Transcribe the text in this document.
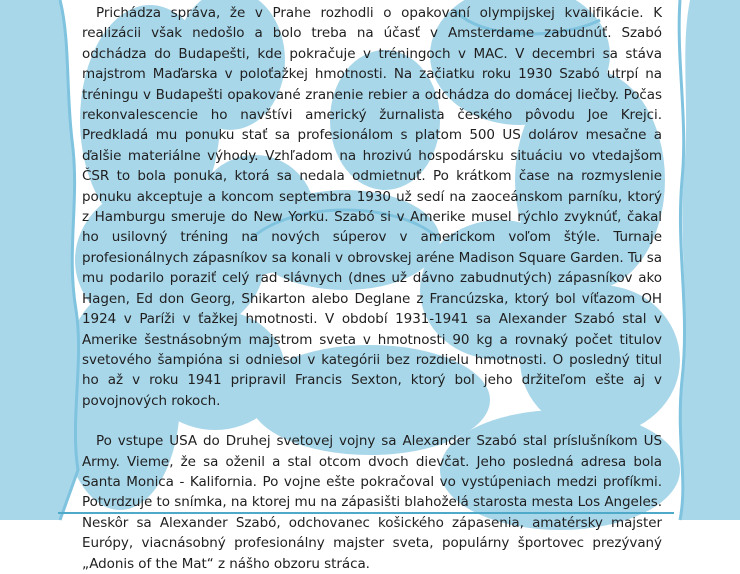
Prichádza správa, že v Prahe rozhodli o opakovaní olympijskej kvalifikácie. K realizácii však nedošlo a bolo treba na účasť v Amsterdame zabudnúť. Szabó odchádza do Budapešti, kde pokračuje v tréningoch v MAC. V decembri sa stáva majstrom Maďarska v poloťažkej hmotnosti. Na začiatku roku 1930 Szabó utrpí na tréningu v Budapešti opakované zranenie rebier a odchádza do domácej liečby. Počas rekonvalescencie ho navštívi americký žurnalista českého pôvodu Joe Krejci. Predkladá mu ponuku stať sa profesionálom s platom 500 US dolárov mesačne a ďalšie materiálne výhody. Vzhľadom na hrozivú hospodársku situáciu vo vtedajšom ČSR to bola ponuka, ktorá sa nedala odmietnuť. Po krátkom čase na rozmyslenie ponuku akceptuje a koncom septembra 1930 už sedí na zaoceánskom parníku, ktorý z Hamburgu smeruje do New Yorku. Szabó si v Amerike musel rýchlo zvyknúť, čakal ho usilovný tréning na nových súperov v americkom voľom štýle. Turnaje profesionálnych zápasníkov sa konali v obrovskej aréne Madison Square Garden. Tu sa mu podarilo poraziť celý rad slávnych (dnes už dávno zabudnutých) zápasníkov ako Hagen, Ed don Georg, Shikarton alebo Deglane z Francúzska, ktorý bol víťazom OH 1924 v Paríži v ťažkej hmotnosti. V období 1931-1941 sa Alexander Szabó stal v Amerike šestnásobným majstrom sveta v hmotnosti 90 kg a rovnaký počet titulov svetového šampióna si odniesol v kategórii bez rozdielu hmotnosti. O posledný titul ho až v roku 1941 pripravil Francis Sexton, ktorý bol jeho držiteľom ešte aj v povojnových rokoch.

Po vstupe USA do Druhej svetovej vojny sa Alexander Szabó stal príslušníkom US Army. Vieme, že sa oženil a stal otcom dvoch dievčat. Jeho posledná adresa bola Santa Monica - Kalifornia. Po vojne ešte pokračoval vo vystúpeniach medzi profíkmi. Potvrdzuje to snímka, na ktorej mu na zápasišti blahoželá starosta mesta Los Angeles. Neskôr sa Alexander Szabó, odchovanec košického zápasenia, amatérsky majster Európy, viacnásobný profesionálny majster sveta, populárny športovec prezývaný „Adonis of the Mat“ z nášho obzoru stráca.
